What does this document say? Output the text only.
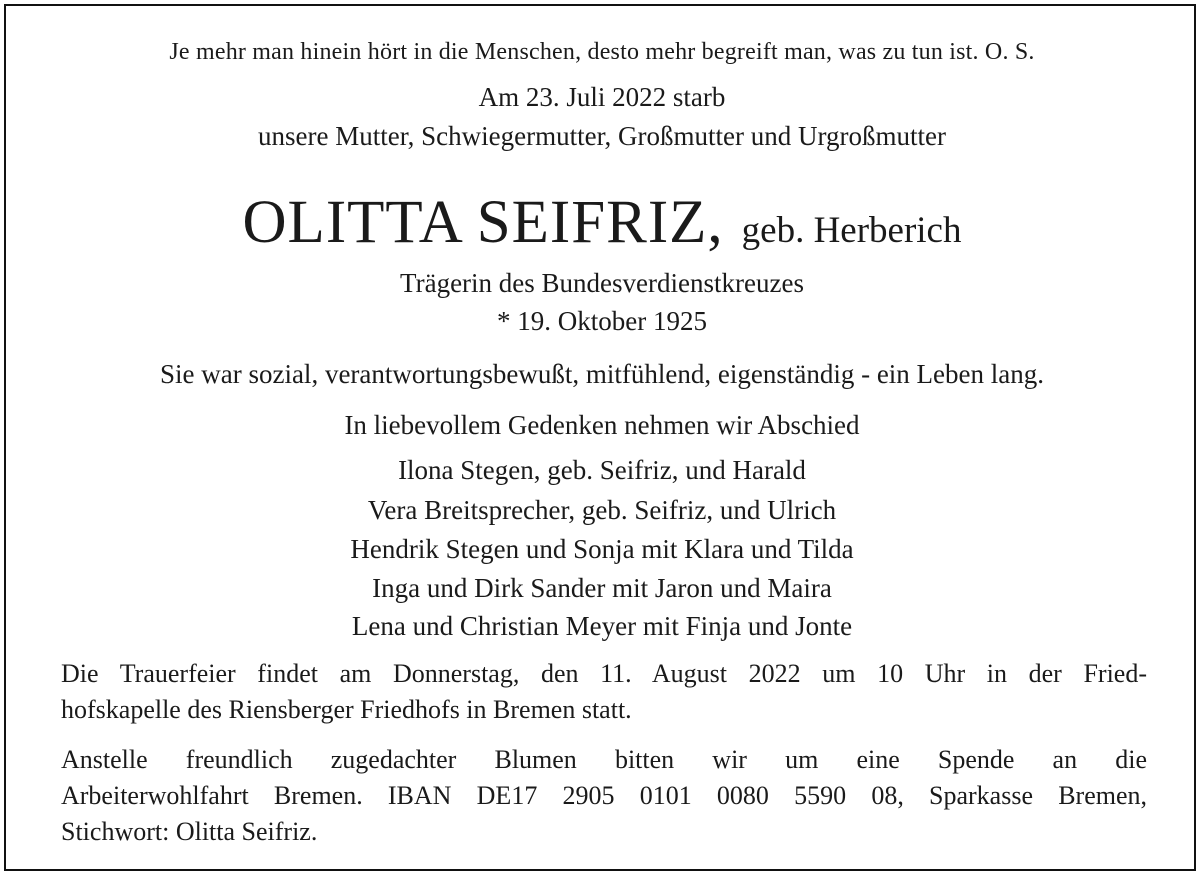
Je mehr man hinein hört in die Menschen, desto mehr begreift man, was zu tun ist. O. S.
Am 23. Juli 2022 starb
unsere Mutter, Schwiegermutter, Großmutter und Urgroßmutter
OLITTA SEIFRIZ, geb. Herberich
Trägerin des Bundesverdienstkreuzes
* 19. Oktober 1925
Sie war sozial, verantwortungsbewußt, mitfühlend, eigenständig - ein Leben lang.
In liebevollem Gedenken nehmen wir Abschied
Ilona Stegen, geb. Seifriz, und Harald
Vera Breitsprecher, geb. Seifriz, und Ulrich
Hendrik Stegen und Sonja mit Klara und Tilda
Inga und Dirk Sander mit Jaron und Maira
Lena und Christian Meyer mit Finja und Jonte
Die Trauerfeier findet am Donnerstag, den 11. August 2022 um 10 Uhr in der Fried-
hofskapelle des Riensberger Friedhofs in Bremen statt.
Anstelle freundlich zugedachter Blumen bitten wir um eine Spende an die
Arbeiterwohlfahrt Bremen. IBAN DE17 2905 0101 0080 5590 08, Sparkasse Bremen,
Stichwort: Olitta Seifriz.
